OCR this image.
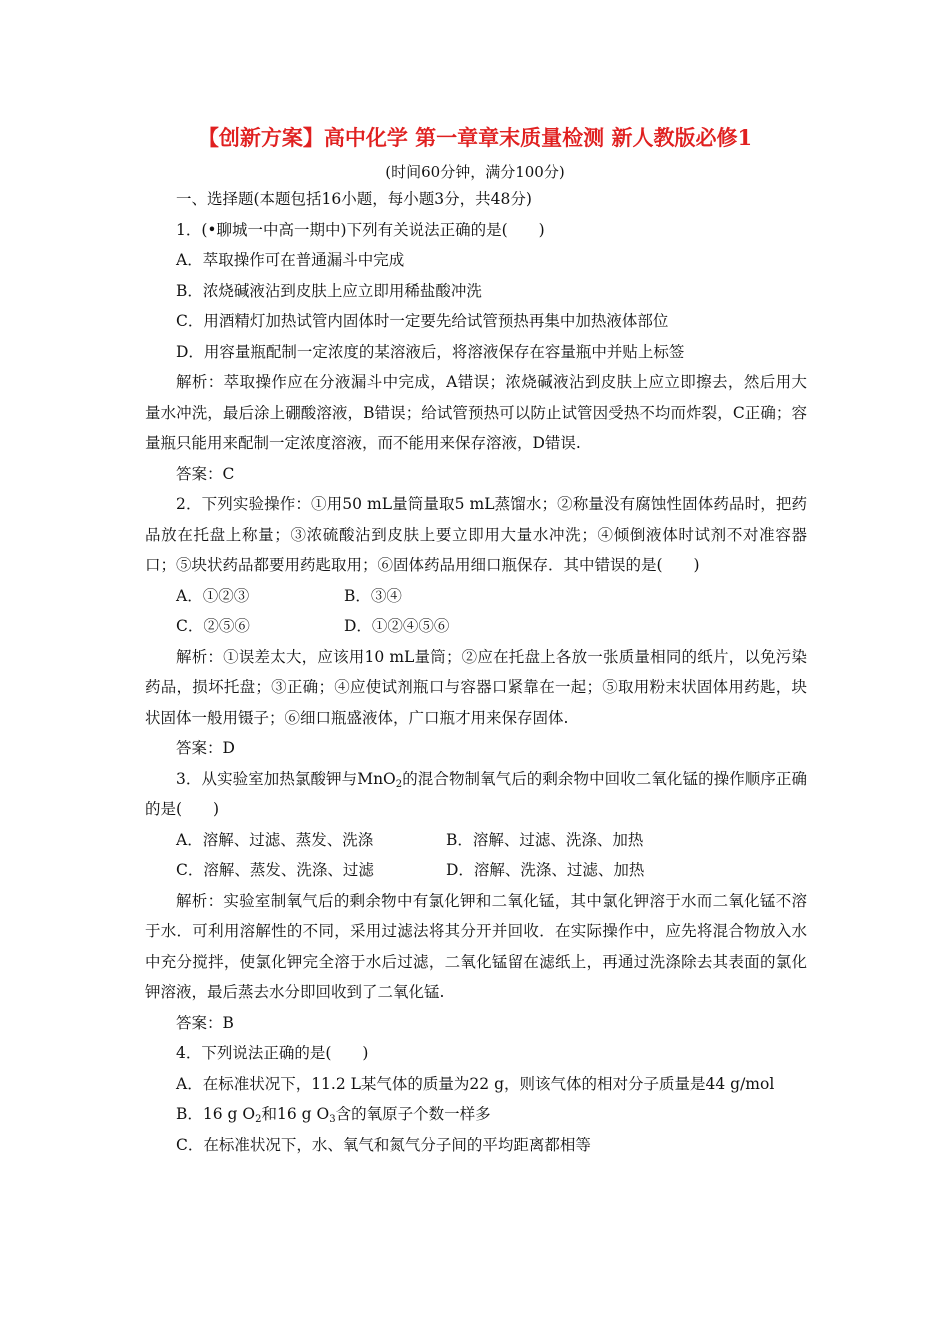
【创新方案】高中化学 第一章章末质量检测 新人教版必修1
(时间60分钟，满分100分)

一、选择题(本题包括16小题，每小题3分，共48分)

1．(•聊城一中高一期中)下列有关说法正确的是(　　)

A．萃取操作可在普通漏斗中完成

B．浓烧碱液沾到皮肤上应立即用稀盐酸冲洗

C．用酒精灯加热试管内固体时一定要先给试管预热再集中加热液体部位

D．用容量瓶配制一定浓度的某溶液后，将溶液保存在容量瓶中并贴上标签

解析：萃取操作应在分液漏斗中完成，A错误；浓烧碱液沾到皮肤上应立即擦去，然后用大量水冲洗，最后涂上硼酸溶液，B错误；给试管预热可以防止试管因受热不均而炸裂，C正确；容量瓶只能用来配制一定浓度溶液，而不能用来保存溶液，D错误.

答案：C

2．下列实验操作：①用50 mL量筒量取5 mL蒸馏水；②称量没有腐蚀性固体药品时，把药品放在托盘上称量；③浓硫酸沾到皮肤上要立即用大量水冲洗；④倾倒液体时试剂不对准容器口；⑤块状药品都要用药匙取用；⑥固体药品用细口瓶保存．其中错误的是(　　)

A．①②③	B．③④
C．②⑤⑥	D．①②④⑤⑥

解析：①误差太大，应该用10 mL量筒；②应在托盘上各放一张质量相同的纸片，以免污染药品，损坏托盘；③正确；④应使试剂瓶口与容器口紧靠在一起；⑤取用粉末状固体用药匙，块状固体一般用镊子；⑥细口瓶盛液体，广口瓶才用来保存固体.

答案：D

3．从实验室加热氯酸钾与MnO$_2$的混合物制氧气后的剩余物中回收二氧化锰的操作顺序正确的是(　　)

A．溶解、过滤、蒸发、洗涤	B．溶解、过滤、洗涤、加热
C．溶解、蒸发、洗涤、过滤	D．溶解、洗涤、过滤、加热

解析：实验室制氧气后的剩余物中有氯化钾和二氧化锰，其中氯化钾溶于水而二氧化锰不溶于水．可利用溶解性的不同，采用过滤法将其分开并回收．在实际操作中，应先将混合物放入水中充分搅拌，使氯化钾完全溶于水后过滤，二氧化锰留在滤纸上，再通过洗涤除去其表面的氯化钾溶液，最后蒸去水分即回收到了二氧化锰.

答案：B

4．下列说法正确的是(　　)

A．在标准状况下，11.2 L某气体的质量为22 g，则该气体的相对分子质量是44 g/mol

B．16 g $O_2$和16 g $O_3$含的氧原子个数一样多

C．在标准状况下，水、氧气和氮气分子间的平均距离都相等
